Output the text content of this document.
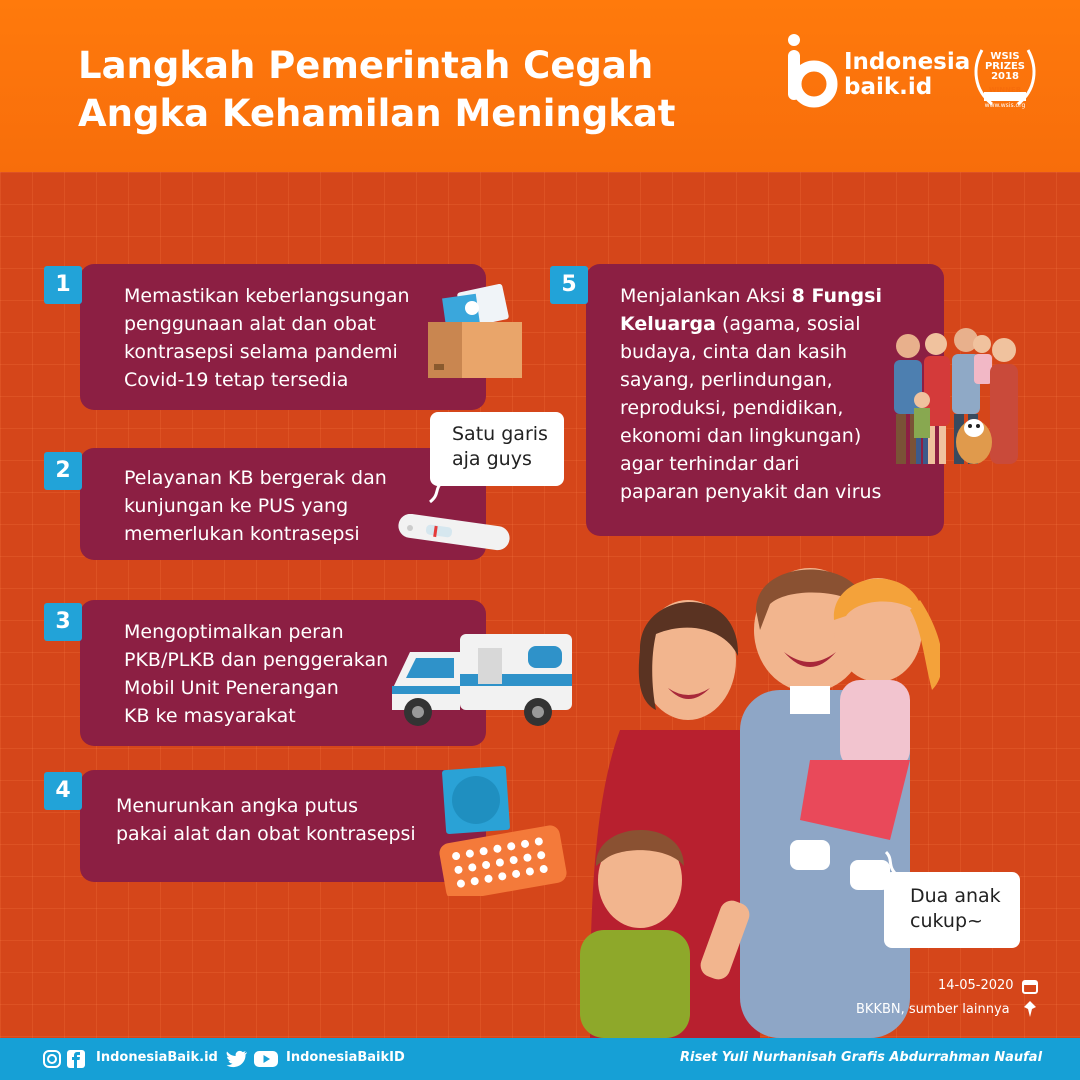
Langkah Pemerintah Cegah
Angka Kehamilan Meningkat
Indonesia
baik.id
WSIS
PRIZES
2018
WINNER
www.wsis.org
Memastikan keberlangsungan
penggunaan alat dan obat
kontrasepsi selama pandemi
Covid-19 tetap tersedia
1
Pelayanan KB bergerak dan
kunjungan ke PUS yang
memerlukan kontrasepsi
2
Satu garis
aja guys
Mengoptimalkan peran
PKB/PLKB dan penggerakan
Mobil Unit Penerangan
KB ke masyarakat
3
Menurunkan angka putus
pakai alat dan obat kontrasepsi
4
Menjalankan Aksi 8 Fungsi
Keluarga (agama, sosial
budaya, cinta dan kasih
sayang, perlindungan,
reproduksi, pendidikan,
ekonomi dan lingkungan)
agar terhindar dari
paparan penyakit dan virus
5
Dua anak
cukup~
14-05-2020
BKKBN, sumber lainnya
IndonesiaBaik.id	IndonesiaBaikID	Riset Yuli Nurhanisah Grafis Abdurrahman Naufal
